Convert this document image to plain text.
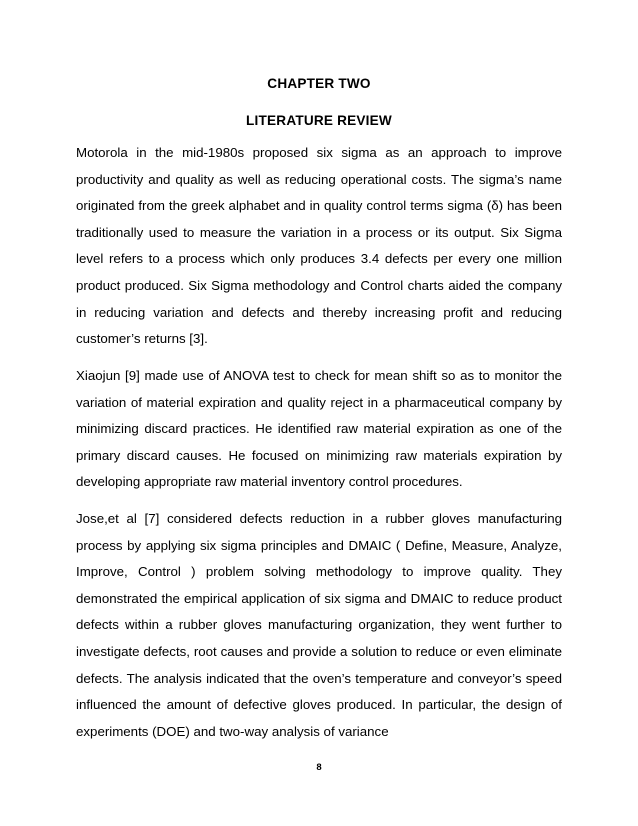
CHAPTER TWO
LITERATURE REVIEW

Motorola in the mid-1980s proposed six sigma as an approach to improve productivity and quality as well as reducing operational costs. The sigma’s name originated from the greek alphabet and in quality control terms sigma (δ) has been traditionally used to measure the variation in a process or its output. Six Sigma level refers to a process which only produces 3.4 defects per every one million product produced. Six Sigma methodology and Control charts aided the company in reducing variation and defects and thereby increasing profit and reducing customer’s returns [3].

Xiaojun [9] made use of ANOVA test to check for mean shift so as to monitor the variation of material expiration and quality reject in a pharmaceutical company by minimizing discard practices. He identified raw material expiration as one of the primary discard causes. He focused on minimizing raw materials expiration by developing appropriate raw material inventory control procedures.

Jose,et al [7] considered defects reduction in a rubber gloves manufacturing process by applying six sigma principles and DMAIC ( Define, Measure, Analyze, Improve, Control ) problem solving methodology to improve quality. They demonstrated the empirical application of six sigma and DMAIC to reduce product defects within a rubber gloves manufacturing organization, they went further to investigate defects, root causes and provide a solution to reduce or even eliminate defects. The analysis indicated that the oven’s temperature and conveyor’s speed influenced the amount of defective gloves produced. In particular, the design of experiments (DOE) and two-way analysis of variance

8
